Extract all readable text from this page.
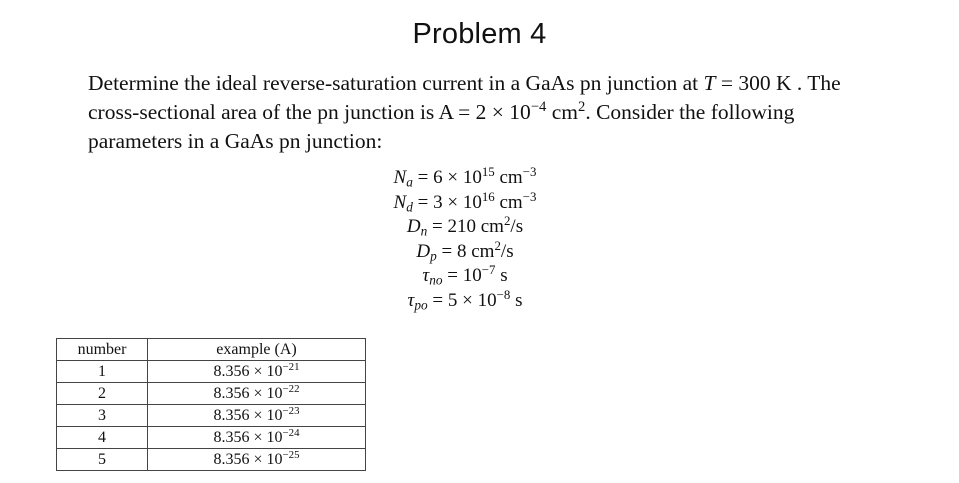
Problem 4

Determine the ideal reverse-saturation current in a GaAs pn junction at T = 300 K . The
cross-sectional area of the pn junction is $A = 2 \times 10^{-4}$ $cm^2$. Consider the following
parameters in a GaAs pn junction:

$N_a = 6 \times 10^{15}$ $cm^{-3}$
$N_d = 3 \times 10^{16}$ $cm^{-3}$
$D_n = 210$ $cm^2/s$
$D_p = 8$ $cm^2/s$
$\tau_{no} = 10^{-7}$ s
$\tau_{po} = 5 \times 10^{-8}$ s
number	example (A)
1	$8.356 \times 10^{-21}$
2	$8.356 \times 10^{-22}$
3	$8.356 \times 10^{-23}$
4	$8.356 \times 10^{-24}$
5	$8.356 \times 10^{-25}$
